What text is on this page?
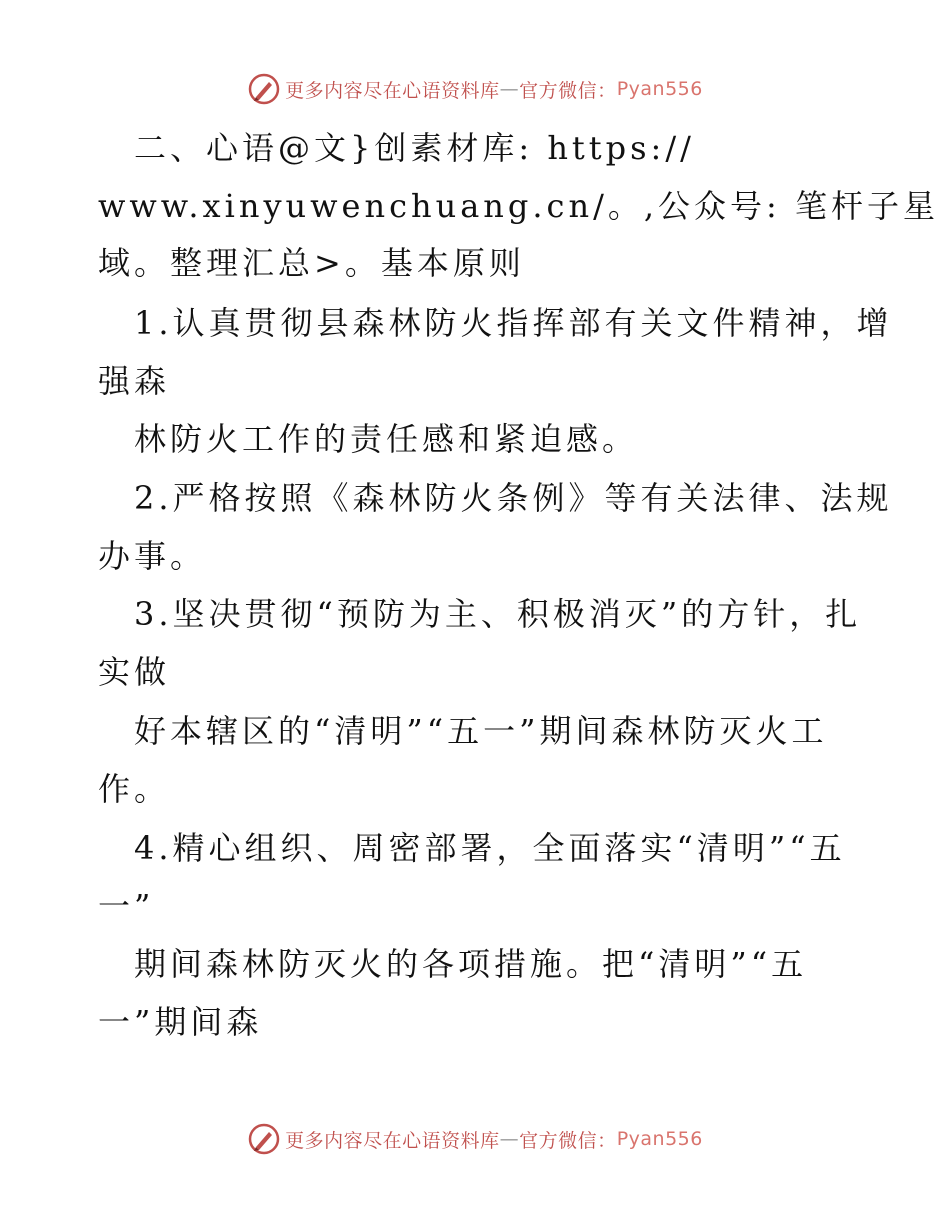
更多内容尽在心语资料库 — 官方微信： Pyan556

二、心语@文}创素材库: https://

www.xinyuwenchuang.cn/。,公众号: 笔杆子星

域。整理汇总>。基本原则

1.认真贯彻县森林防火指挥部有关文件精神，增

强森

林防火工作的责任感和紧迫感。

2.严格按照《森林防火条例》等有关法律、法规

办事。

3.坚决贯彻“预防为主、积极消灭”的方针，扎

实做

好本辖区的“清明”“五一”期间森林防灭火工

作。

4.精心组织、周密部署，全面落实“清明”“五

一”

期间森林防灭火的各项措施。把“清明”“五

一”期间森

更多内容尽在心语资料库 — 官方微信： Pyan556
